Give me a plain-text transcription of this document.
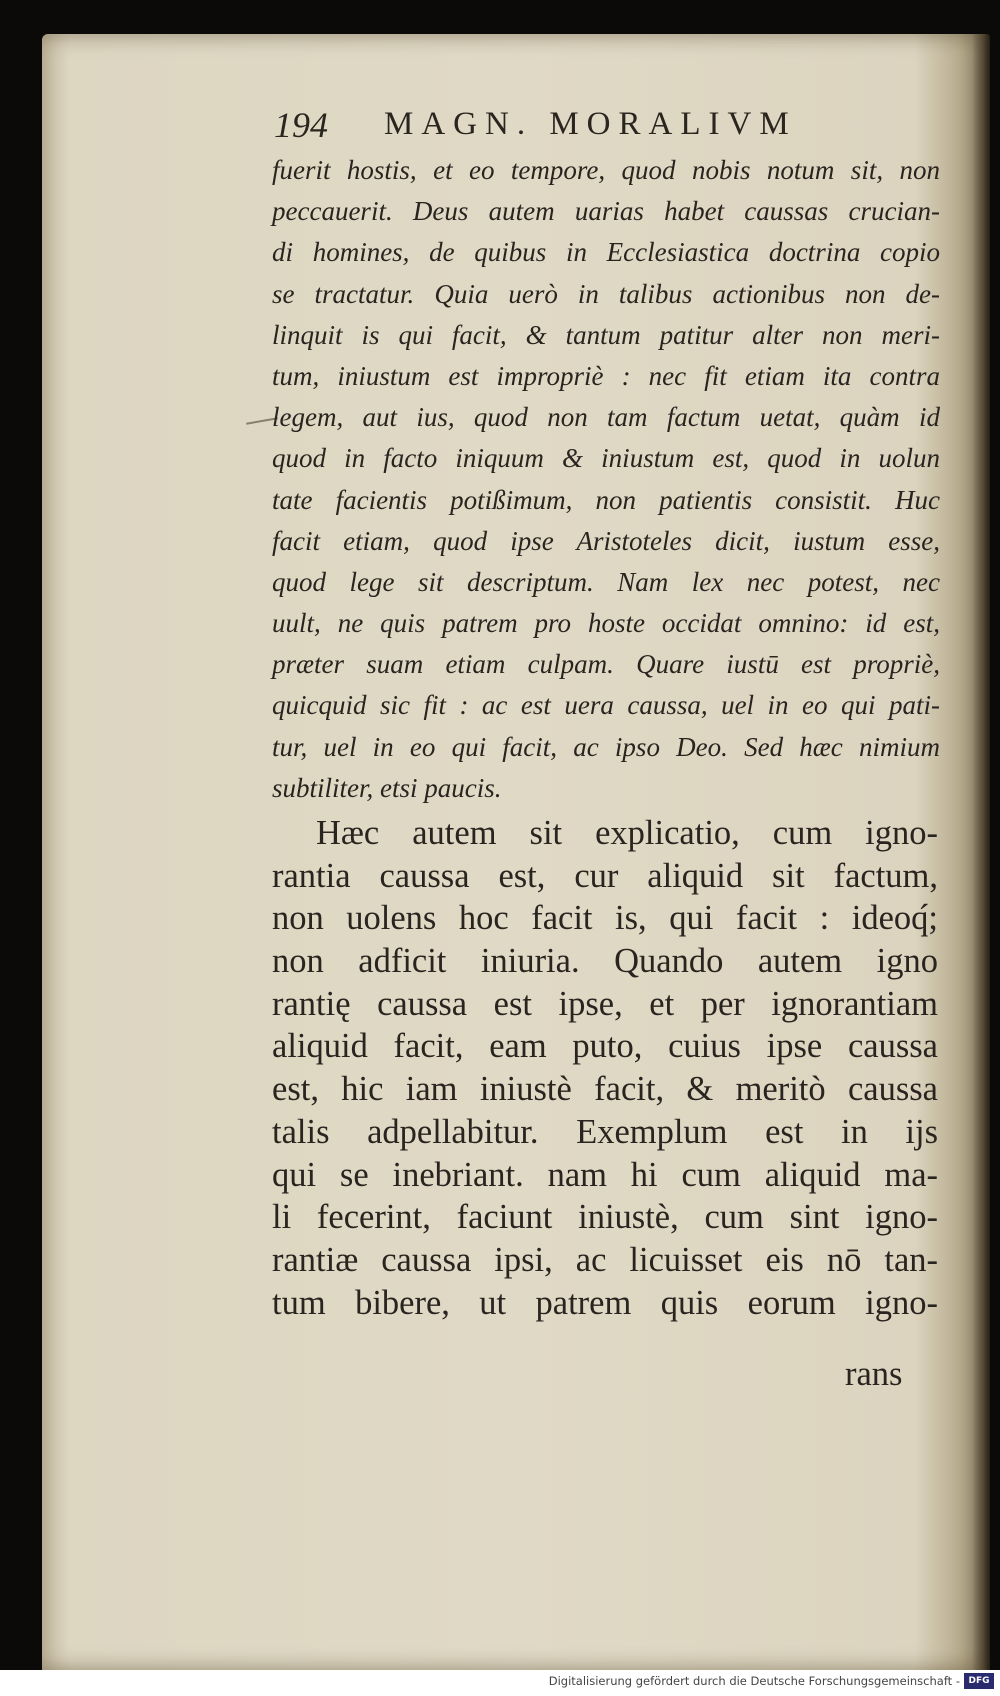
194 MAGN. MORALIVM
fuerit hostis, et eo tempore, quod nobis notum sit, non
peccauerit. Deus autem uarias habet caussas crucian-
di homines, de quibus in Ecclesiastica doctrina copio
se tractatur. Quia uerò in talibus actionibus non de-
linquit is qui facit, & tantum patitur alter non meri-
tum, iniustum est impropriè : nec fit etiam ita contra
legem, aut ius, quod non tam factum uetat, quàm id
quod in facto iniquum & iniustum est, quod in uolun
tate facientis potißimum, non patientis consistit. Huc
facit etiam, quod ipse Aristoteles dicit, iustum esse,
quod lege sit descriptum. Nam lex nec potest, nec
uult, ne quis patrem pro hoste occidat omnino: id est,
præter suam etiam culpam. Quare iustū est propriè,
quicquid sic fit : ac est uera caussa, uel in eo qui pati-
tur, uel in eo qui facit, ac ipso Deo. Sed hæc nimium
subtiliter, etsi paucis.
Hæc autem sit explicatio, cum igno-
rantia caussa est, cur aliquid sit factum,
non uolens hoc facit is, qui facit : ideoq́;
non adficit iniuria. Quando autem igno
rantię caussa est ipse, et per ignorantiam
aliquid facit, eam puto, cuius ipse caussa
est, hic iam iniustè facit, & meritò caussa
talis adpellabitur. Exemplum est in ijs
qui se inebriant. nam hi cum aliquid ma-
li fecerint, faciunt iniustè, cum sint igno-
rantiæ caussa ipsi, ac licuisset eis nō tan-
tum bibere, ut patrem quis eorum igno-
rans
Digitalisierung gefördert durch die Deutsche Forschungsgemeinschaft - DFG
